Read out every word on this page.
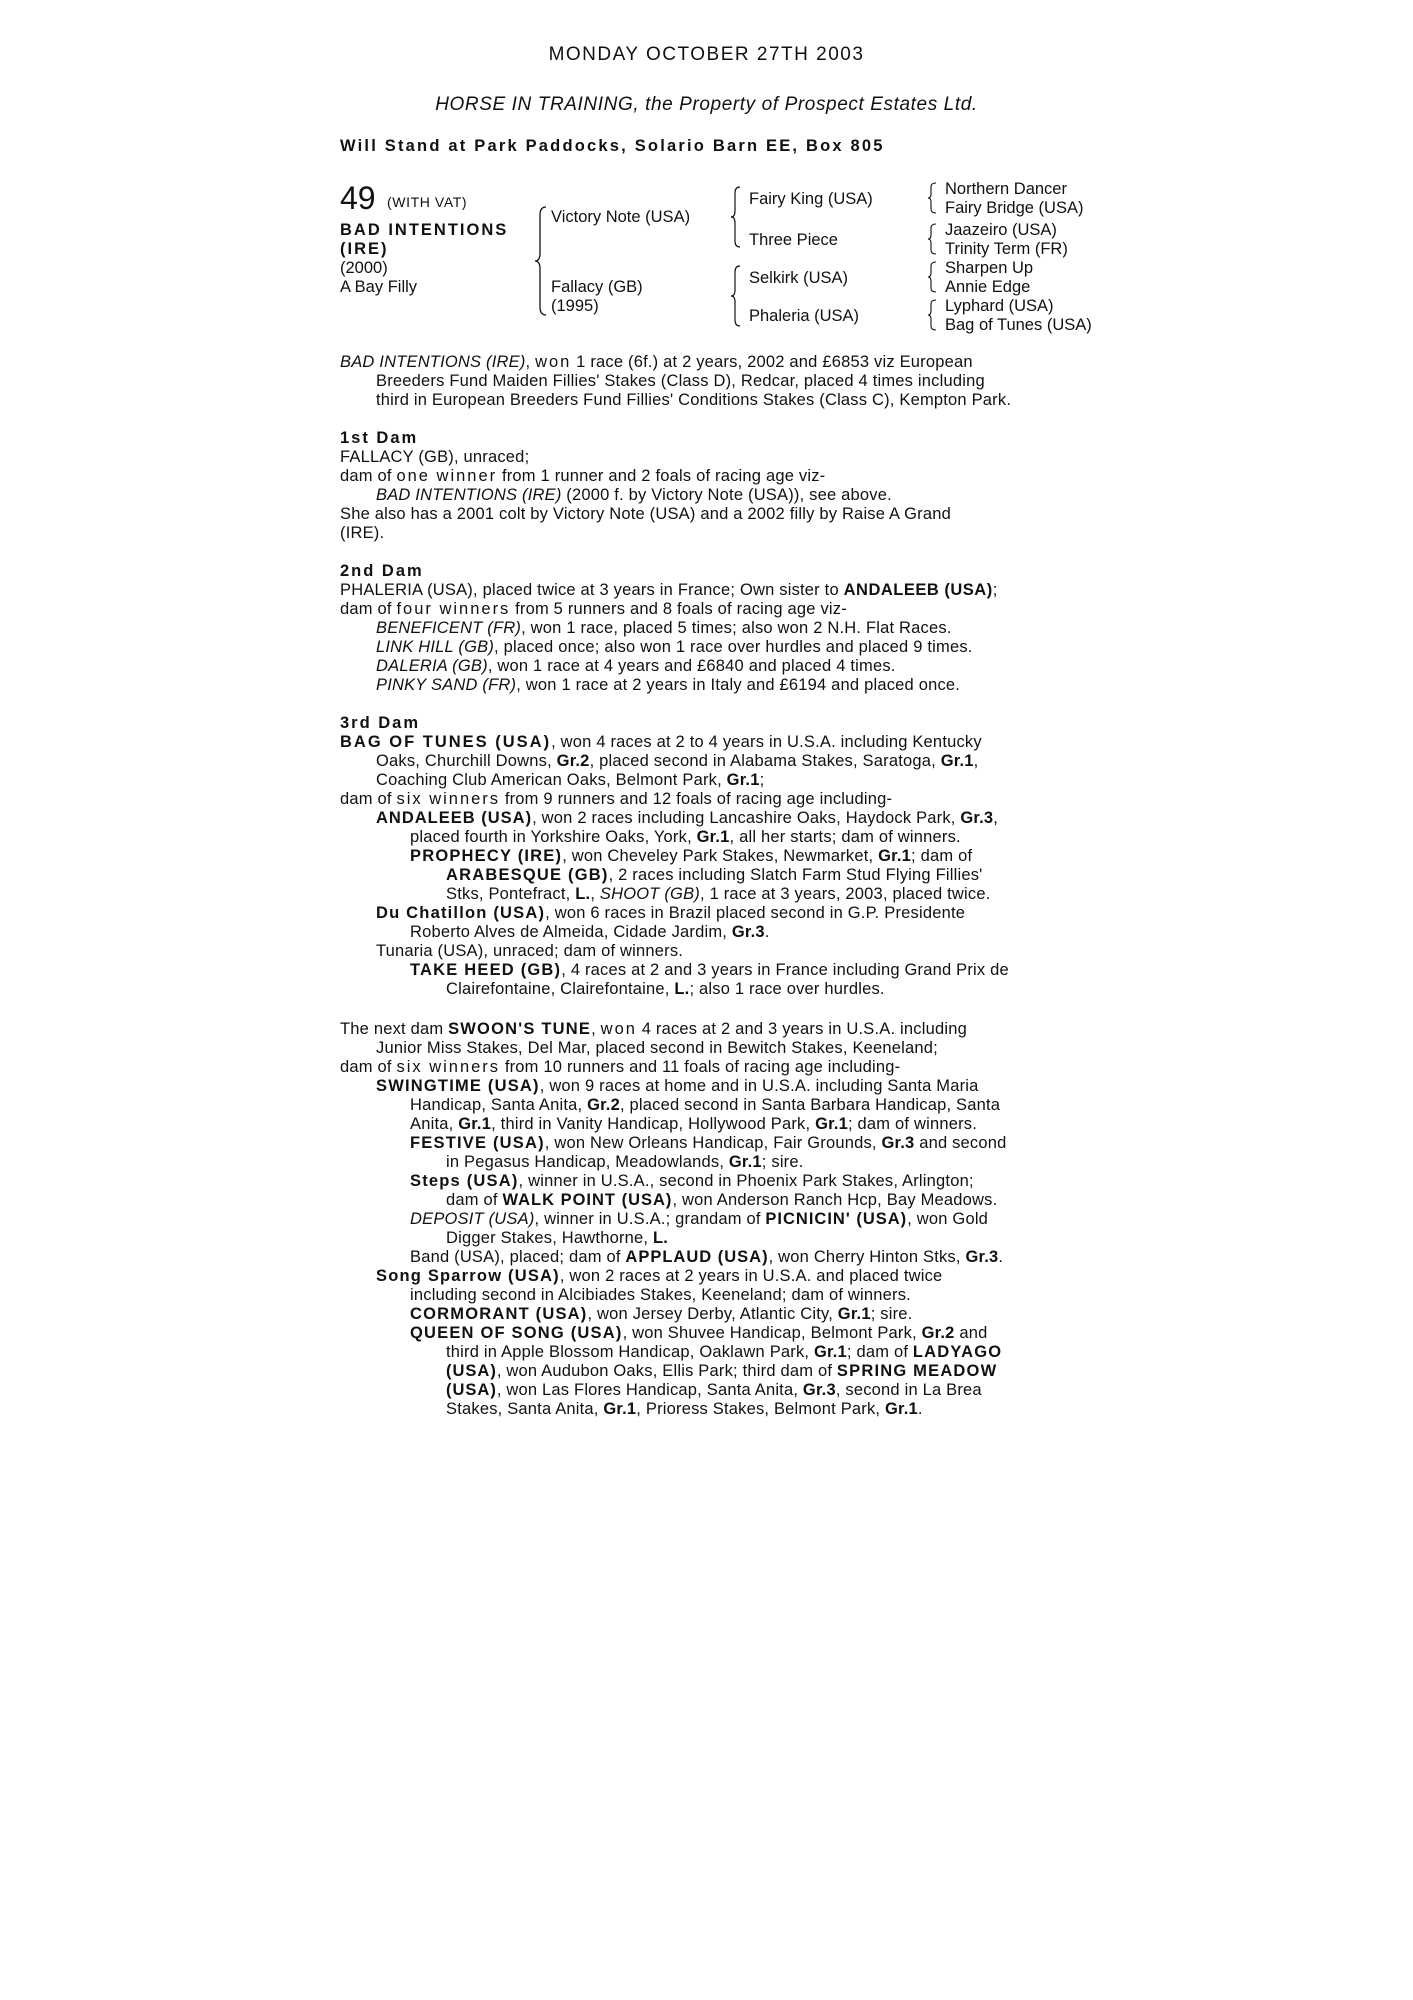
MONDAY OCTOBER 27TH 2003
HORSE IN TRAINING, the Property of Prospect Estates Ltd.
Will Stand at Park Paddocks, Solario Barn EE, Box 805
49 (WITH VAT)
BAD INTENTIONS
(IRE)
(2000)
A Bay Filly
Victory Note (USA)
Fallacy (GB)
(1995)
Fairy King (USA)
Three Piece
Selkirk (USA)
Phaleria (USA)
Northern Dancer
Fairy Bridge (USA)
Jaazeiro (USA)
Trinity Term (FR)
Sharpen Up
Annie Edge
Lyphard (USA)
Bag of Tunes (USA)

BAD INTENTIONS (IRE), won 1 race (6f.) at 2 years, 2002 and £6853 viz European

Breeders Fund Maiden Fillies' Stakes (Class D), Redcar, placed 4 times including

third in European Breeders Fund Fillies' Conditions Stakes (Class C), Kempton Park.

1st Dam

FALLACY (GB), unraced;

dam of one winner from 1 runner and 2 foals of racing age viz-

BAD INTENTIONS (IRE) (2000 f. by Victory Note (USA)), see above.

She also has a 2001 colt by Victory Note (USA) and a 2002 filly by Raise A Grand

(IRE).

2nd Dam

PHALERIA (USA), placed twice at 3 years in France; Own sister to ANDALEEB (USA);

dam of four winners from 5 runners and 8 foals of racing age viz-

BENEFICENT (FR), won 1 race, placed 5 times; also won 2 N.H. Flat Races.

LINK HILL (GB), placed once; also won 1 race over hurdles and placed 9 times.

DALERIA (GB), won 1 race at 4 years and £6840 and placed 4 times.

PINKY SAND (FR), won 1 race at 2 years in Italy and £6194 and placed once.

3rd Dam

BAG OF TUNES (USA), won 4 races at 2 to 4 years in U.S.A. including Kentucky

Oaks, Churchill Downs, Gr.2, placed second in Alabama Stakes, Saratoga, Gr.1,

Coaching Club American Oaks, Belmont Park, Gr.1;

dam of six winners from 9 runners and 12 foals of racing age including-

ANDALEEB (USA), won 2 races including Lancashire Oaks, Haydock Park, Gr.3,

placed fourth in Yorkshire Oaks, York, Gr.1, all her starts; dam of winners.

PROPHECY (IRE), won Cheveley Park Stakes, Newmarket, Gr.1; dam of

ARABESQUE (GB), 2 races including Slatch Farm Stud Flying Fillies'

Stks, Pontefract, L., SHOOT (GB), 1 race at 3 years, 2003, placed twice.

Du Chatillon (USA), won 6 races in Brazil placed second in G.P. Presidente

Roberto Alves de Almeida, Cidade Jardim, Gr.3.

Tunaria (USA), unraced; dam of winners.

TAKE HEED (GB), 4 races at 2 and 3 years in France including Grand Prix de

Clairefontaine, Clairefontaine, L.; also 1 race over hurdles.

The next dam SWOON'S TUNE, won 4 races at 2 and 3 years in U.S.A. including

Junior Miss Stakes, Del Mar, placed second in Bewitch Stakes, Keeneland;

dam of six winners from 10 runners and 11 foals of racing age including-

SWINGTIME (USA), won 9 races at home and in U.S.A. including Santa Maria

Handicap, Santa Anita, Gr.2, placed second in Santa Barbara Handicap, Santa

Anita, Gr.1, third in Vanity Handicap, Hollywood Park, Gr.1; dam of winners.

FESTIVE (USA), won New Orleans Handicap, Fair Grounds, Gr.3 and second

in Pegasus Handicap, Meadowlands, Gr.1; sire.

Steps (USA), winner in U.S.A., second in Phoenix Park Stakes, Arlington;

dam of WALK POINT (USA), won Anderson Ranch Hcp, Bay Meadows.

DEPOSIT (USA), winner in U.S.A.; grandam of PICNICIN' (USA), won Gold

Digger Stakes, Hawthorne, L.

Band (USA), placed; dam of APPLAUD (USA), won Cherry Hinton Stks, Gr.3.

Song Sparrow (USA), won 2 races at 2 years in U.S.A. and placed twice

including second in Alcibiades Stakes, Keeneland; dam of winners.

CORMORANT (USA), won Jersey Derby, Atlantic City, Gr.1; sire.

QUEEN OF SONG (USA), won Shuvee Handicap, Belmont Park, Gr.2 and

third in Apple Blossom Handicap, Oaklawn Park, Gr.1; dam of LADYAGO

(USA), won Audubon Oaks, Ellis Park; third dam of SPRING MEADOW

(USA), won Las Flores Handicap, Santa Anita, Gr.3, second in La Brea

Stakes, Santa Anita, Gr.1, Prioress Stakes, Belmont Park, Gr.1.
